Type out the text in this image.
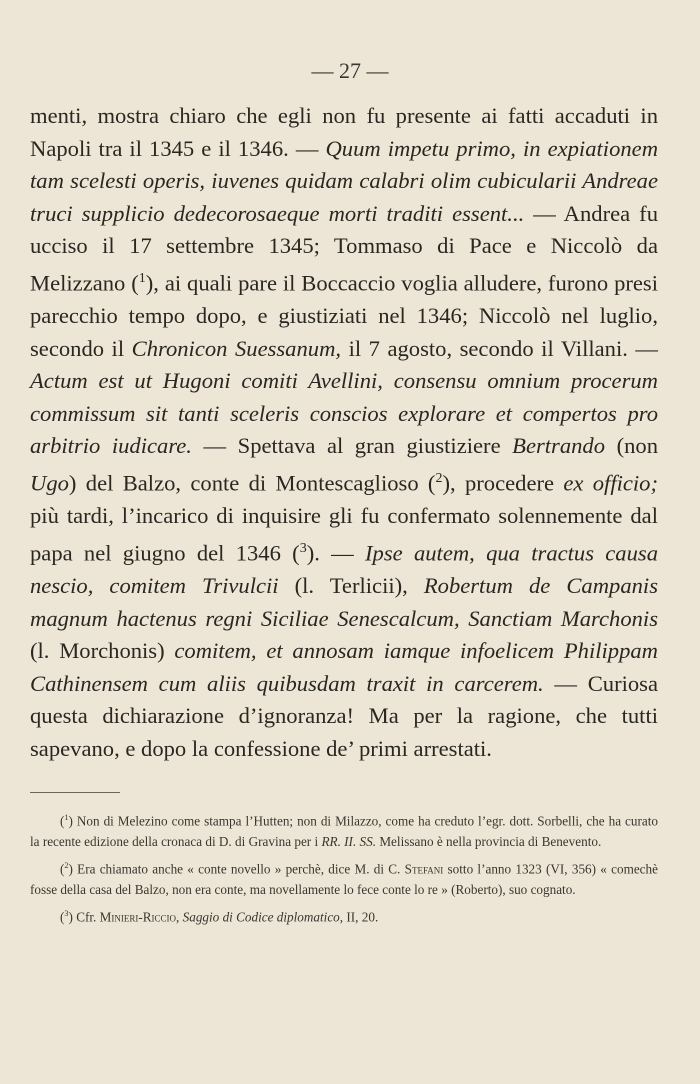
— 27 —
menti, mostra chiaro che egli non fu presente ai fatti accaduti in Napoli tra il 1345 e il 1346. — Quum impetu primo, in expiationem tam scelesti operis, iuvenes quidam calabri olim cubicularii Andreae truci supplicio dedecorosaeque morti traditi essent... — Andrea fu ucciso il 17 settembre 1345; Tommaso di Pace e Niccolò da Melizzano ($^1$), ai quali pare il Boccaccio voglia alludere, furono presi parecchio tempo dopo, e giustiziati nel 1346; Niccolò nel luglio, secondo il Chronicon Suessanum, il 7 agosto, secondo il Villani. — Actum est ut Hugoni comiti Avellini, consensu omnium procerum commissum sit tanti sceleris conscios explorare et compertos pro arbitrio iudicare. — Spettava al gran giustiziere Bertrando (non Ugo) del Balzo, conte di Montescaglioso ($^2$), procedere ex officio; più tardi, l’incarico di inquisire gli fu confermato solennemente dal papa nel giugno del 1346 ($^3$). — Ipse autem, qua tractus causa nescio, comitem Trivulcii (l. Terlicii), Robertum de Campanis magnum hactenus regni Siciliae Senescalcum, Sanctiam Marchonis (l. Morchonis) comitem, et annosam iamque infoelicem Philippam Cathinensem cum aliis quibusdam traxit in carcerem. — Curiosa questa dichiarazione d’ignoranza! Ma per la ragione, che tutti sapevano, e dopo la confessione de’ primi arrestati.

($^1$) Non di Melezino come stampa l’Hutten; non di Milazzo, come ha creduto l’egr. dott. Sorbelli, che ha curato la recente edizione della cronaca di D. di Gravina per i RR. II. SS. Melissano è nella provincia di Benevento.

($^2$) Era chiamato anche « conte novello » perchè, dice M. di C. Stefani sotto l’anno 1323 (VI, 356) « comechè fosse della casa del Balzo, non era conte, ma novellamente lo fece conte lo re » (Roberto), suo cognato.

($^3$) Cfr. Minieri-Riccio, Saggio di Codice diplomatico, II, 20.
